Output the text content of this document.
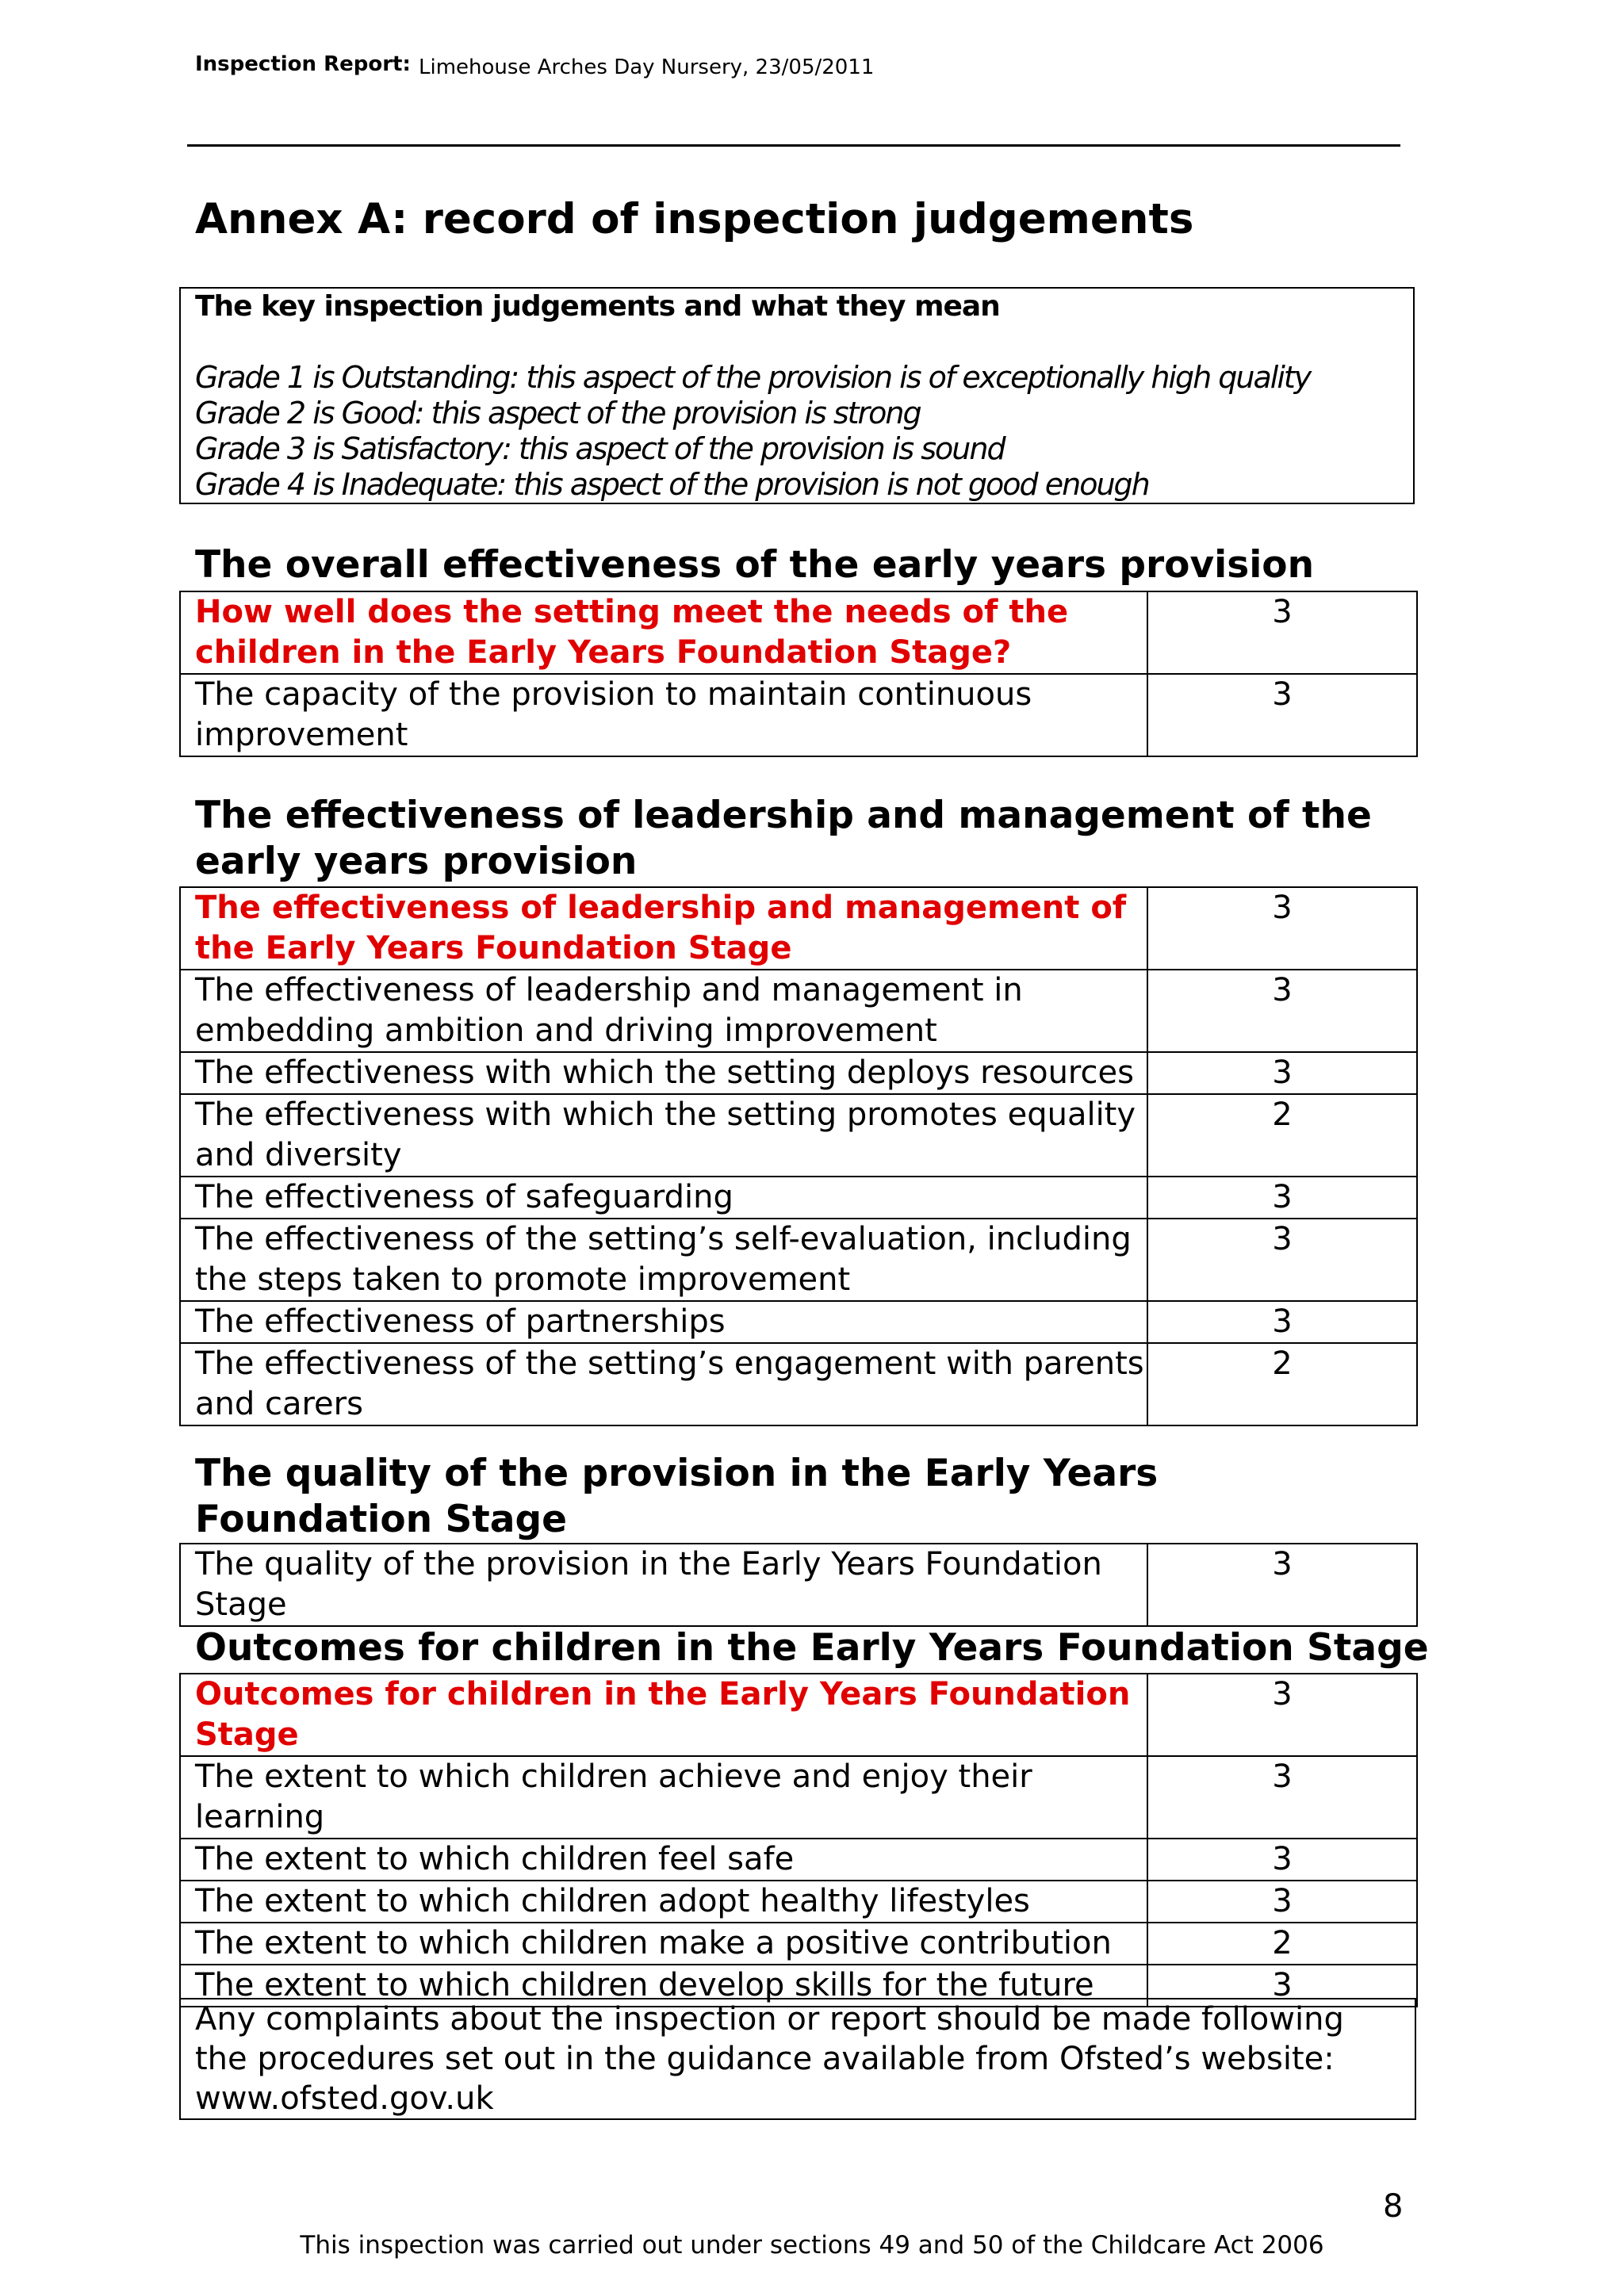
Inspection Report: Limehouse Arches Day Nursery, 23/05/2011
Annex A: record of inspection judgements
The key inspection judgements and what they mean
Grade 1 is Outstanding: this aspect of the provision is of exceptionally high quality
Grade 2 is Good: this aspect of the provision is strong
Grade 3 is Satisfactory: this aspect of the provision is sound
Grade 4 is Inadequate: this aspect of the provision is not good enough
The overall effectiveness of the early years provision
How well does the setting meet the needs of the children in the Early Years Foundation Stage?	3
The capacity of the provision to maintain continuous improvement	3
The effectiveness of leadership and management of the early years provision
The effectiveness of leadership and management of the Early Years Foundation Stage	3
The effectiveness of leadership and management in embedding ambition and driving improvement	3
The effectiveness with which the setting deploys resources	3
The effectiveness with which the setting promotes equality and diversity	2
The effectiveness of safeguarding	3
The effectiveness of the setting’s self-evaluation, including the steps taken to promote improvement	3
The effectiveness of partnerships	3
The effectiveness of the setting’s engagement with parents and carers	2
The quality of the provision in the Early Years Foundation Stage
The quality of the provision in the Early Years Foundation Stage	3
Outcomes for children in the Early Years Foundation Stage
Outcomes for children in the Early Years Foundation Stage	3
The extent to which children achieve and enjoy their learning	3
The extent to which children feel safe	3
The extent to which children adopt healthy lifestyles	3
The extent to which children make a positive contribution	2
The extent to which children develop skills for the future	3
Any complaints about the inspection or report should be made following the procedures set out in the guidance available from Ofsted’s website: www.ofsted.gov.uk
8
This inspection was carried out under sections 49 and 50 of the Childcare Act 2006
